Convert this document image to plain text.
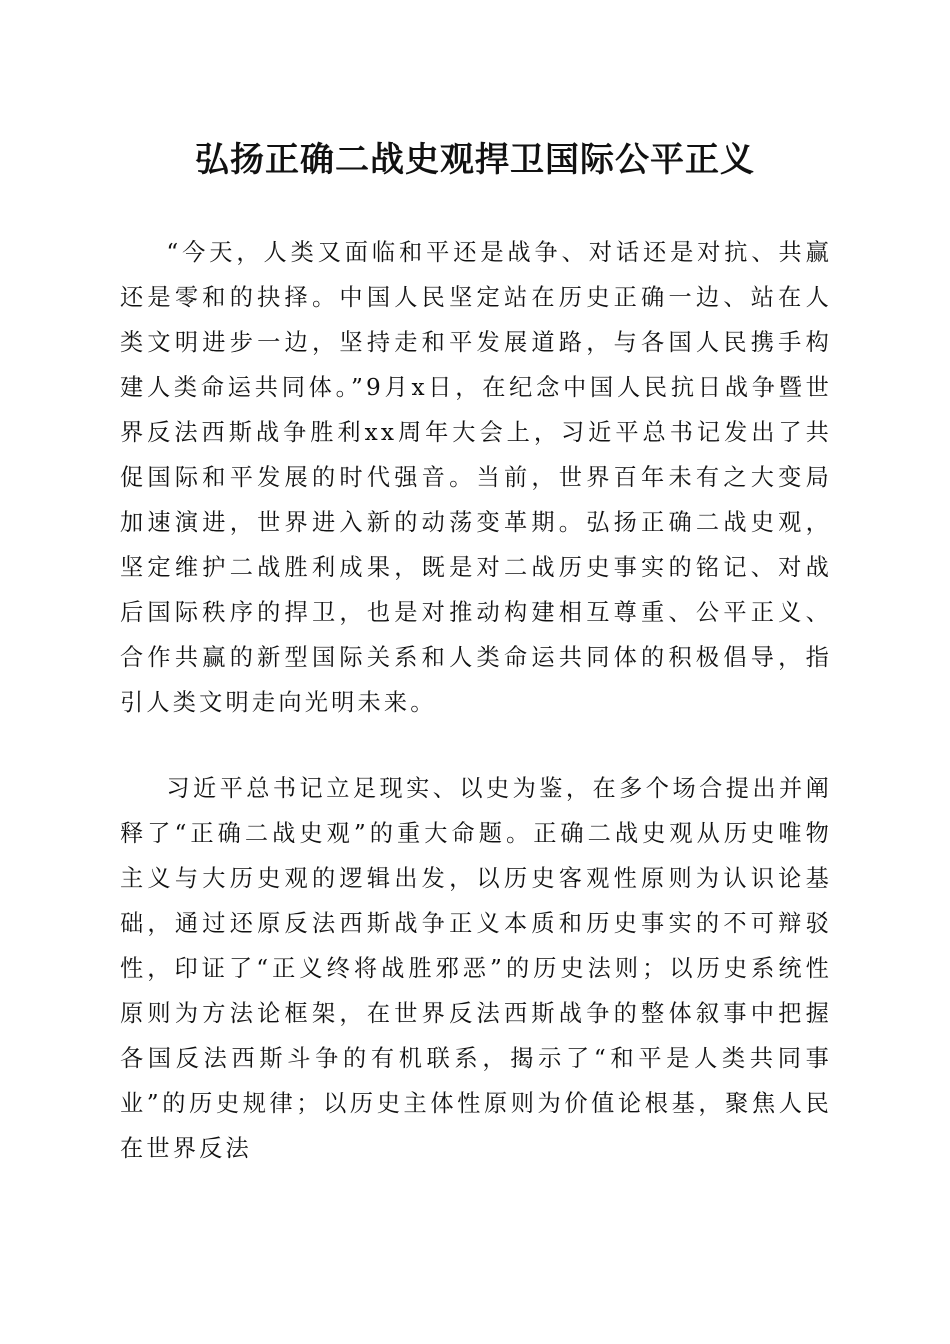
弘扬正确二战史观捍卫国际公平正义

“今天，人类又面临和平还是战争、对话还是对抗、共赢还是零和的抉择。中国人民坚定站在历史正确一边、站在人类文明进步一边，坚持走和平发展道路，与各国人民携手构建人类命运共同体。”9月x日，在纪念中国人民抗日战争暨世界反法西斯战争胜利xx周年大会上，习近平总书记发出了共促国际和平发展的时代强音。当前，世界百年未有之大变局加速演进，世界进入新的动荡变革期。弘扬正确二战史观，坚定维护二战胜利成果，既是对二战历史事实的铭记、对战后国际秩序的捍卫，也是对推动构建相互尊重、公平正义、合作共赢的新型国际关系和人类命运共同体的积极倡导，指引人类文明走向光明未来。

习近平总书记立足现实、以史为鉴，在多个场合提出并阐释了“正确二战史观”的重大命题。正确二战史观从历史唯物主义与大历史观的逻辑出发，以历史客观性原则为认识论基础，通过还原反法西斯战争正义本质和历史事实的不可辩驳性，印证了“正义终将战胜邪恶”的历史法则；以历史系统性原则为方法论框架，在世界反法西斯战争的整体叙事中把握各国反法西斯斗争的有机联系，揭示了“和平是人类共同事业”的历史规律；以历史主体性原则为价值论根基，聚焦人民在世界反法
